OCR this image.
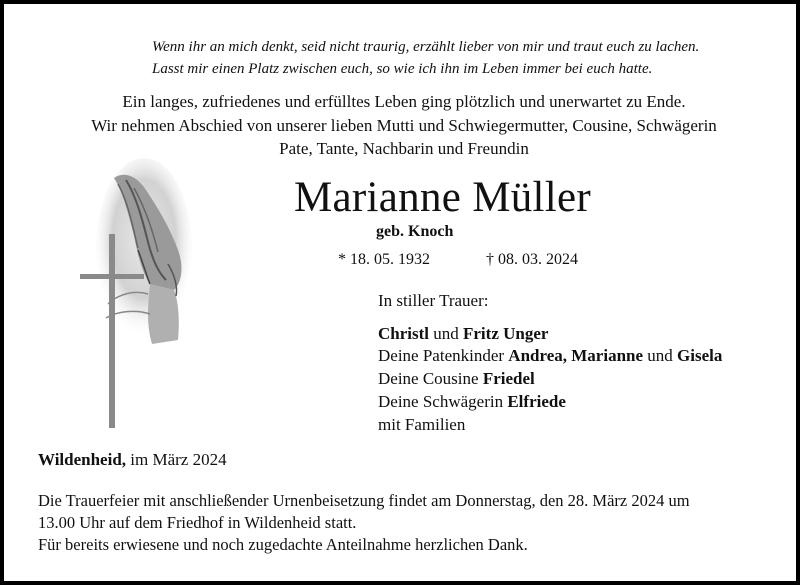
Wenn ihr an mich denkt, seid nicht traurig, erzählt lieber von mir und traut euch zu lachen.
Lasst mir einen Platz zwischen euch, so wie ich ihn im Leben immer bei euch hatte.
Ein langes, zufriedenes und erfülltes Leben ging plötzlich und unerwartet zu Ende.
Wir nehmen Abschied von unserer lieben Mutti und Schwiegermutter, Cousine, Schwägerin
Pate, Tante, Nachbarin und Freundin
Marianne Müller
geb. Knoch
* 18. 05. 1932	† 08. 03. 2024
In stiller Trauer:
Christl und Fritz Unger
Deine Patenkinder Andrea, Marianne und Gisela
Deine Cousine Friedel
Deine Schwägerin Elfriede
mit Familien
Wildenheid, im März 2024
Die Trauerfeier mit anschließender Urnenbeisetzung findet am Donnerstag, den 28. März 2024 um
13.00 Uhr auf dem Friedhof in Wildenheid statt.
Für bereits erwiesene und noch zugedachte Anteilnahme herzlichen Dank.
